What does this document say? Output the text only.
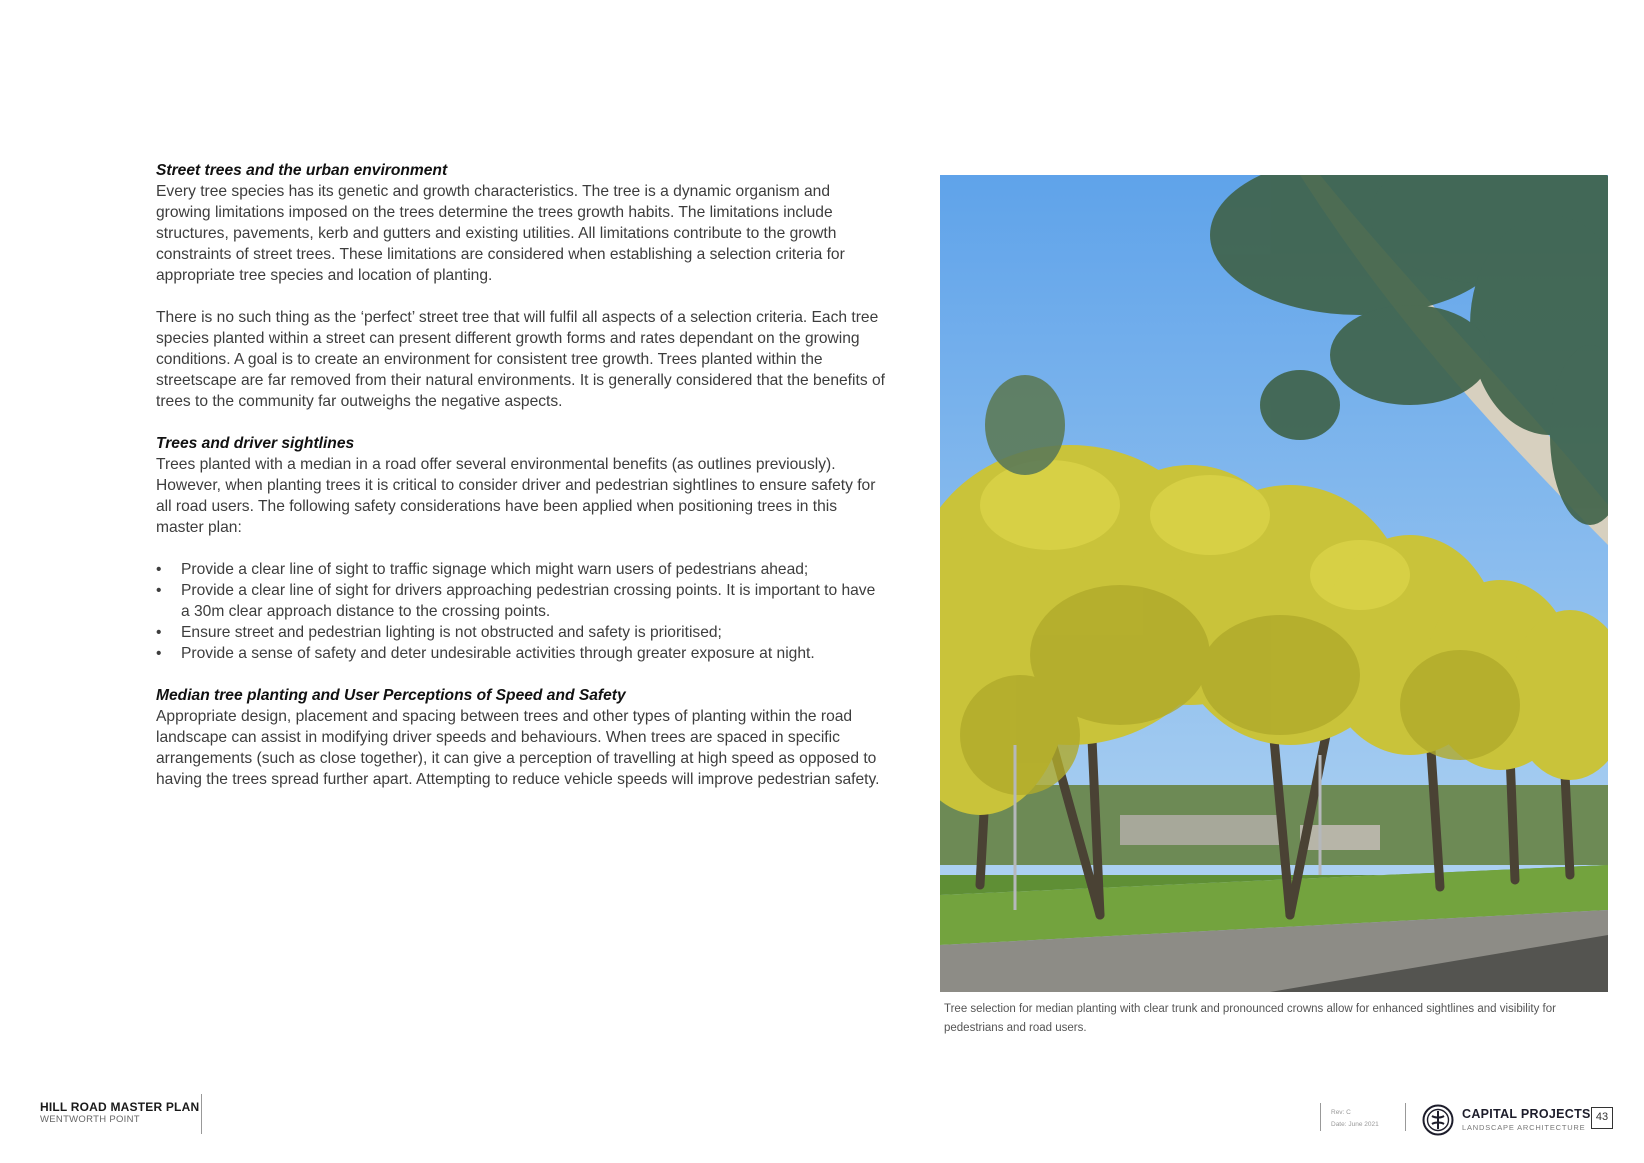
Street trees and the urban environment

Every tree species has its genetic and growth characteristics. The tree is a dynamic organism and growing limitations imposed on the trees determine the trees growth habits. The limitations include structures, pavements, kerb and gutters and existing utilities. All limitations contribute to the growth constraints of street trees. These limitations are considered when establishing a selection criteria for appropriate tree species and location of planting.

There is no such thing as the ‘perfect’ street tree that will fulfil all aspects of a selection criteria. Each tree species planted within a street can present different growth forms and rates dependant on the growing conditions. A goal is to create an environment for consistent tree growth. Trees planted within the streetscape are far removed from their natural environments. It is generally considered that the benefits of trees to the community far outweighs the negative aspects.

Trees and driver sightlines

Trees planted with a median in a road offer several environmental benefits (as outlines previously). However, when planting trees it is critical to consider driver and pedestrian sightlines to ensure safety for all road users. The following safety considerations have been applied when positioning trees in this master plan:

• Provide a clear line of sight to traffic signage which might warn users of pedestrians ahead;
• Provide a clear line of sight for drivers approaching pedestrian crossing points. It is important to have a 30m clear approach distance to the crossing points.
• Ensure street and pedestrian lighting is not obstructed and safety is prioritised;
• Provide a sense of safety and deter undesirable activities through greater exposure at night.
Median tree planting and User Perceptions of Speed and Safety

Appropriate design, placement and spacing between trees and other types of planting within the road landscape can assist in modifying driver speeds and behaviours. When trees are spaced in specific arrangements (such as close together), it can give a perception of travelling at high speed as opposed to having the trees spread further apart. Attempting to reduce vehicle speeds will improve pedestrian safety.

Tree selection for median planting with clear trunk and pronounced crowns allow for enhanced sightlines and visibility for pedestrians and road users.
HILL ROAD MASTER PLAN
WENTWORTH POINT
Rev: C
Date: June 2021
CAPITAL PROJECTS
LANDSCAPE ARCHITECTURE
43
